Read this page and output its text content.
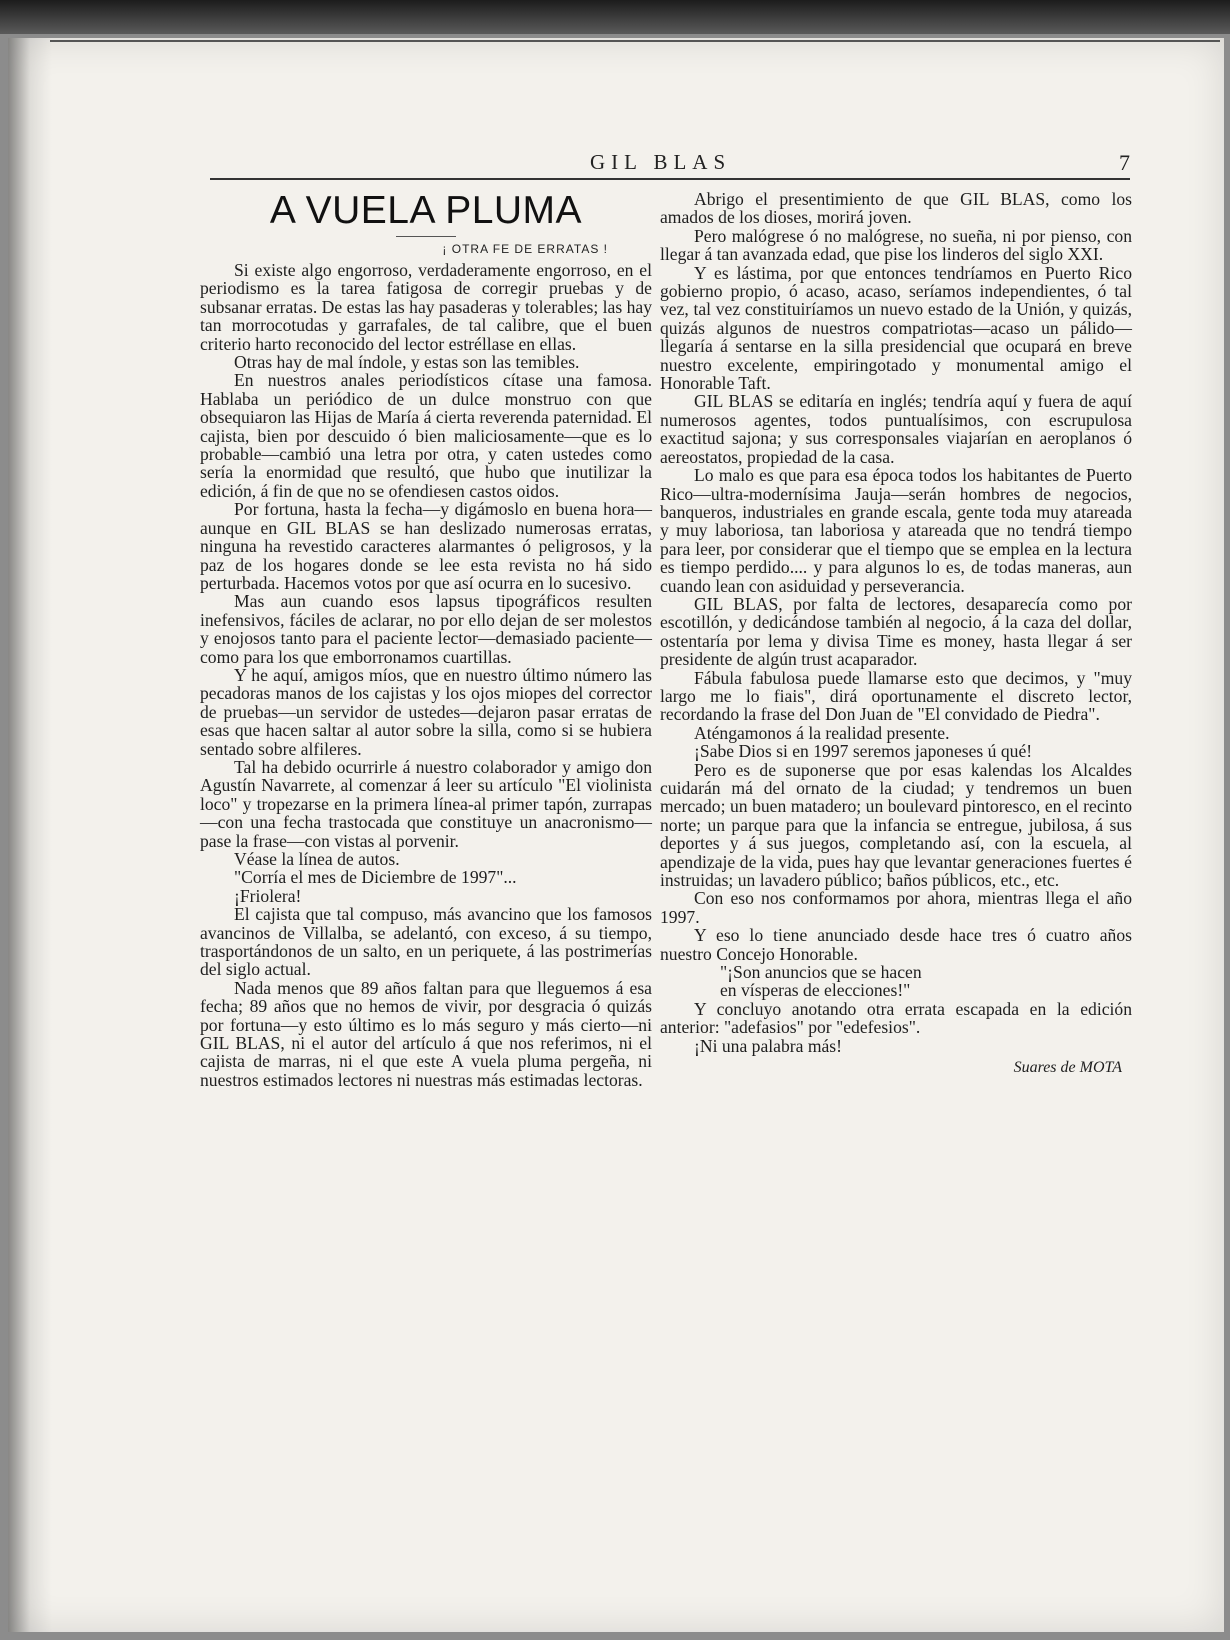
GIL BLAS	7
A VUELA PLUMA
¡ OTRA FE DE ERRATAS !

Si existe algo engorroso, verdaderamente engorroso, en el periodismo es la tarea fatigosa de corregir pruebas y de subsanar erratas. De estas las hay pasaderas y tolerables; las hay tan morrocotudas y garrafales, de tal calibre, que el buen criterio harto reconocido del lector estréllase en ellas.

Otras hay de mal índole, y estas son las temibles.

En nuestros anales periodísticos cítase una famosa. Hablaba un periódico de un dulce monstruo con que obsequiaron las Hijas de María á cierta reverenda paternidad. El cajista, bien por descuido ó bien maliciosamente—que es lo probable—cambió una letra por otra, y caten ustedes como sería la enormidad que resultó, que hubo que inutilizar la edición, á fin de que no se ofendiesen castos oidos.

Por fortuna, hasta la fecha—y digámoslo en buena hora—aunque en GIL BLAS se han deslizado numerosas erratas, ninguna ha revestido caracteres alarmantes ó peligrosos, y la paz de los hogares donde se lee esta revista no há sido perturbada. Hacemos votos por que así ocurra en lo sucesivo.

Mas aun cuando esos lapsus tipográficos resulten inefensivos, fáciles de aclarar, no por ello dejan de ser molestos y enojosos tanto para el paciente lector—demasiado paciente—como para los que emborronamos cuartillas.

Y he aquí, amigos míos, que en nuestro último número las pecadoras manos de los cajistas y los ojos miopes del corrector de pruebas—un servidor de ustedes—dejaron pasar erratas de esas que hacen saltar al autor sobre la silla, como si se hubiera sentado sobre alfileres.

Tal ha debido ocurrirle á nuestro colaborador y amigo don Agustín Navarrete, al comenzar á leer su artículo "El violinista loco" y tropezarse en la primera línea-al primer tapón, zurrapas—con una fecha trastocada que constituye un anacronismo—pase la frase—con vistas al porvenir.

Véase la línea de autos.

"Corría el mes de Diciembre de 1997"...

¡Friolera!

El cajista que tal compuso, más avancino que los famosos avancinos de Villalba, se adelantó, con exceso, á su tiempo, trasportándonos de un salto, en un periquete, á las postrimerías del siglo actual.

Nada menos que 89 años faltan para que lleguemos á esa fecha; 89 años que no hemos de vivir, por desgracia ó quizás por fortuna—y esto último es lo más seguro y más cierto—ni GIL BLAS, ni el autor del artículo á que nos referimos, ni el cajista de marras, ni el que este A vuela pluma pergeña, ni nuestros estimados lectores ni nuestras más estimadas lectoras.

Abrigo el presentimiento de que GIL BLAS, como los amados de los dioses, morirá joven.

Pero malógrese ó no malógrese, no sueña, ni por pienso, con llegar á tan avanzada edad, que pise los linderos del siglo XXI.

Y es lástima, por que entonces tendríamos en Puerto Rico gobierno propio, ó acaso, acaso, seríamos independientes, ó tal vez, tal vez constituiríamos un nuevo estado de la Unión, y quizás, quizás algunos de nuestros compatriotas—acaso un pálido—llegaría á sentarse en la silla presidencial que ocupará en breve nuestro excelente, empiringotado y monumental amigo el Honorable Taft.

GIL BLAS se editaría en inglés; tendría aquí y fuera de aquí numerosos agentes, todos puntualísimos, con escrupulosa exactitud sajona; y sus corresponsales viajarían en aeroplanos ó aereostatos, propiedad de la casa.

Lo malo es que para esa época todos los habitantes de Puerto Rico—ultra-modernísima Jauja—serán hombres de negocios, banqueros, industriales en grande escala, gente toda muy atareada y muy laboriosa, tan laboriosa y atareada que no tendrá tiempo para leer, por considerar que el tiempo que se emplea en la lectura es tiempo perdido.... y para algunos lo es, de todas maneras, aun cuando lean con asiduidad y perseverancia.

GIL BLAS, por falta de lectores, desaparecía como por escotillón, y dedicándose también al negocio, á la caza del dollar, ostentaría por lema y divisa Time es money, hasta llegar á ser presidente de algún trust acaparador.

Fábula fabulosa puede llamarse esto que decimos, y "muy largo me lo fiais", dirá oportunamente el discreto lector, recordando la frase del Don Juan de "El convidado de Piedra".

Aténgamonos á la realidad presente.

¡Sabe Dios si en 1997 seremos japoneses ú qué!

Pero es de suponerse que por esas kalendas los Alcaldes cuidarán má del ornato de la ciudad; y tendremos un buen mercado; un buen matadero; un boulevard pintoresco, en el recinto norte; un parque para que la infancia se entregue, jubilosa, á sus deportes y á sus juegos, completando así, con la escuela, al apendizaje de la vida, pues hay que levantar generaciones fuertes é instruidas; un lavadero público; baños públicos, etc., etc.

Con eso nos conformamos por ahora, mientras llega el año 1997.

Y eso lo tiene anunciado desde hace tres ó cuatro años nuestro Concejo Honorable.

"¡Son anuncios que se hacen

en vísperas de elecciones!"

Y concluyo anotando otra errata escapada en la edición anterior: "adefasios" por "edefesios".

¡Ni una palabra más!

Suares de MOTA
